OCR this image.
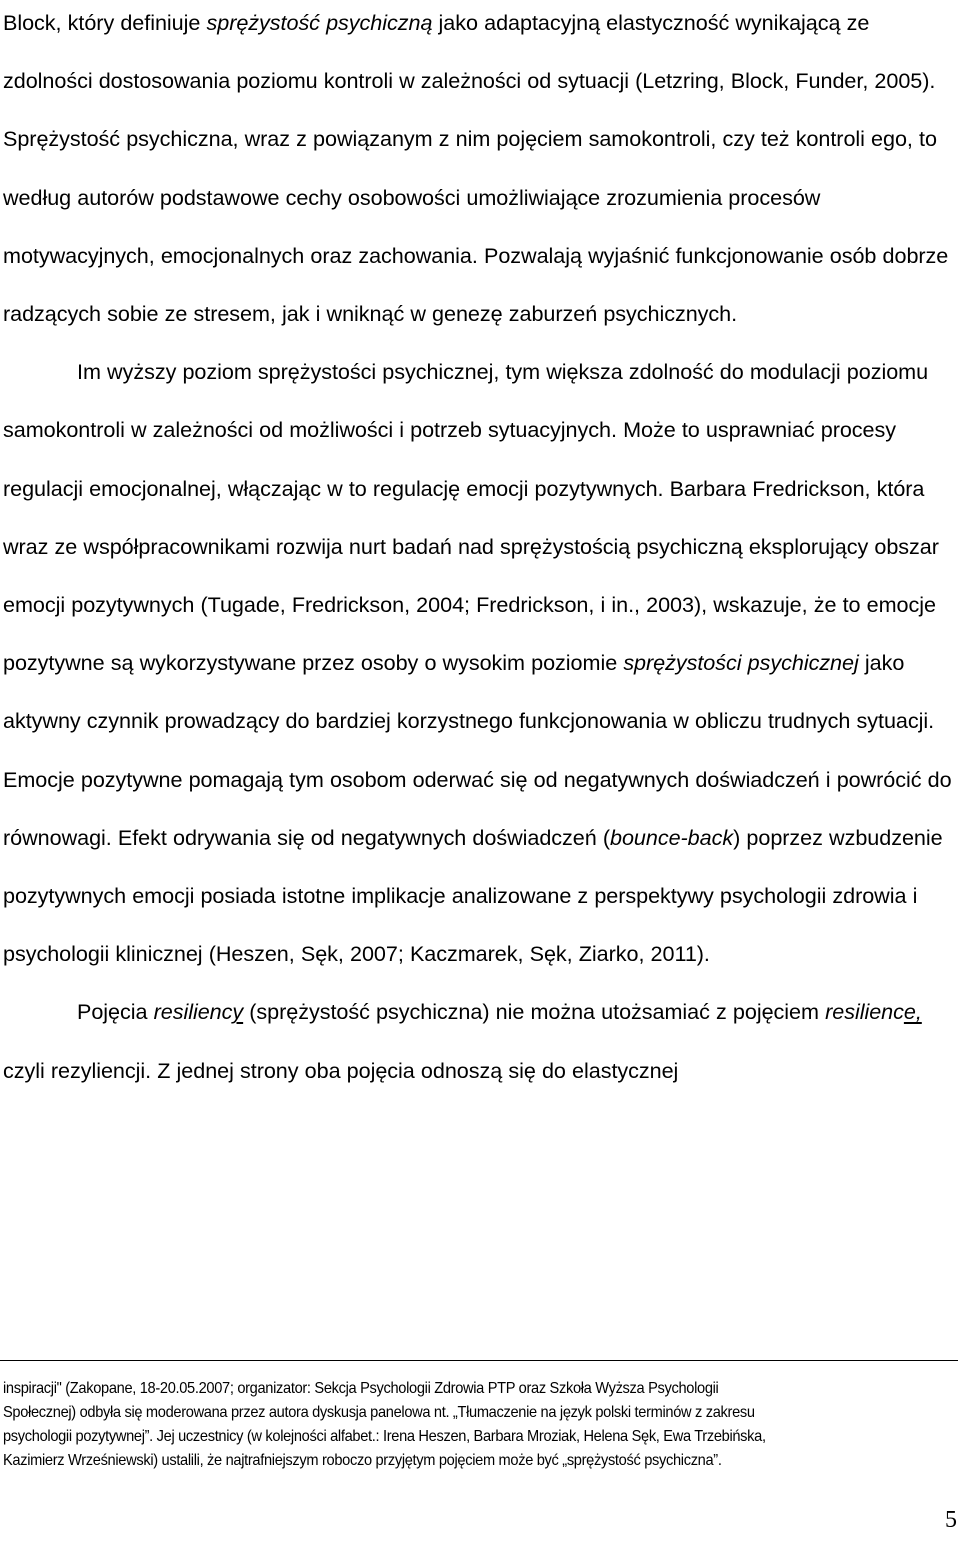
Block, który definiuje sprężystość psychiczną jako adaptacyjną elastyczność wynikającą ze zdolności dostosowania poziomu kontroli w zależności od sytuacji (Letzring, Block, Funder, 2005). Sprężystość psychiczna, wraz z powiązanym z nim pojęciem samokontroli, czy też kontroli ego, to według autorów podstawowe cechy osobowości umożliwiające zrozumienia procesów motywacyjnych, emocjonalnych oraz zachowania. Pozwalają wyjaśnić funkcjonowanie osób dobrze radzących sobie ze stresem, jak i wniknąć w genezę zaburzeń psychicznych.

Im wyższy poziom sprężystości psychicznej, tym większa zdolność do modulacji poziomu samokontroli w zależności od możliwości i potrzeb sytuacyjnych. Może to usprawniać procesy regulacji emocjonalnej, włączając w to regulację emocji pozytywnych. Barbara Fredrickson, która wraz ze współpracownikami rozwija nurt badań nad sprężystością psychiczną eksplorujący obszar emocji pozytywnych (Tugade, Fredrickson, 2004; Fredrickson, i in., 2003), wskazuje, że to emocje pozytywne są wykorzystywane przez osoby o wysokim poziomie sprężystości psychicznej jako aktywny czynnik prowadzący do bardziej korzystnego funkcjonowania w obliczu trudnych sytuacji. Emocje pozytywne pomagają tym osobom oderwać się od negatywnych doświadczeń i powrócić do równowagi. Efekt odrywania się od negatywnych doświadczeń (bounce-back) poprzez wzbudzenie pozytywnych emocji posiada istotne implikacje analizowane z perspektywy psychologii zdrowia i psychologii klinicznej (Heszen, Sęk, 2007; Kaczmarek, Sęk, Ziarko, 2011).

Pojęcia resiliency (sprężystość psychiczna) nie można utożsamiać z pojęciem resilience, czyli rezyliencji. Z jednej strony oba pojęcia odnoszą się do elastycznej

inspiracji" (Zakopane, 18-20.05.2007; organizator: Sekcja Psychologii Zdrowia PTP oraz Szkoła Wyższa Psychologii
Społecznej) odbyła się moderowana przez autora dyskusja panelowa nt. „Tłumaczenie na język polski terminów z zakresu
psychologii pozytywnej”. Jej uczestnicy (w kolejności alfabet.: Irena Heszen, Barbara Mroziak, Helena Sęk, Ewa Trzebińska,
Kazimierz Wrześniewski) ustalili, że najtrafniejszym roboczo przyjętym pojęciem może być „sprężystość psychiczna”.
5
